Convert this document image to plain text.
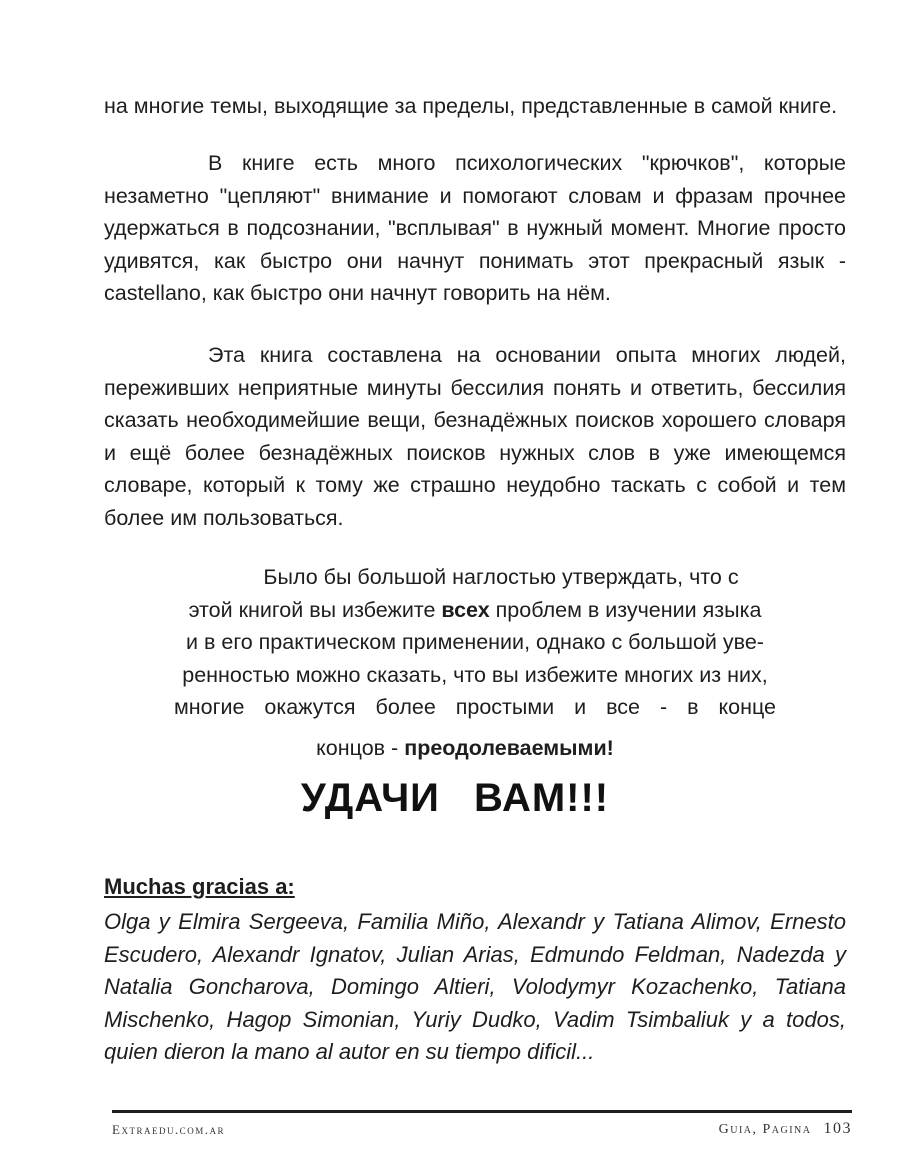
на многие темы, выходящие за пределы, представленные в самой книге.

В книге есть много психологических "крючков", которые незаметно "цепляют" внимание и помогают словам и фразам прочнее удержаться в подсознании, "всплывая" в нужный момент. Многие просто удивятся, как быстро они начнут понимать этот прекрасный язык - castellano, как быстро они начнут говорить на нём.

Эта книга составлена на основании опыта многих людей, переживших неприятные минуты бессилия понять и ответить, бессилия сказать необходимейшие вещи, безнадёжных поисков хорошего словаря и ещё более безнадёжных поисков нужных слов в уже имеющемся словаре, который к тому же страшно неудобно таскать с собой и тем более им пользоваться.

Было бы большой наглостью утверждать, что с
этой книгой вы избежите всех проблем в изучении языка
и в его практическом применении, однако с большой уве-
ренностью можно сказать, что вы избежите многих из них,
многие окажутся более простыми и все - в конце
концов - преодолеваемыми!
УДАЧИ ВАМ!!!
Muchas gracias a:
Olga y Elmira Sergeeva, Familia Miño, Alexandr y Tatiana Alimov, Ernesto Escudero, Alexandr Ignatov, Julian Arias, Edmundo Feldman, Nadezda y Natalia Goncharova, Domingo Altieri, Volodymyr Kozachenko, Tatiana Mischenko, Hagop Simonian, Yuriy Dudko, Vadim Tsimbaliuk y a todos, quien dieron la mano al autor en su tiempo dificil...
Extraedu.com.ar	Guia, Pagina 103
